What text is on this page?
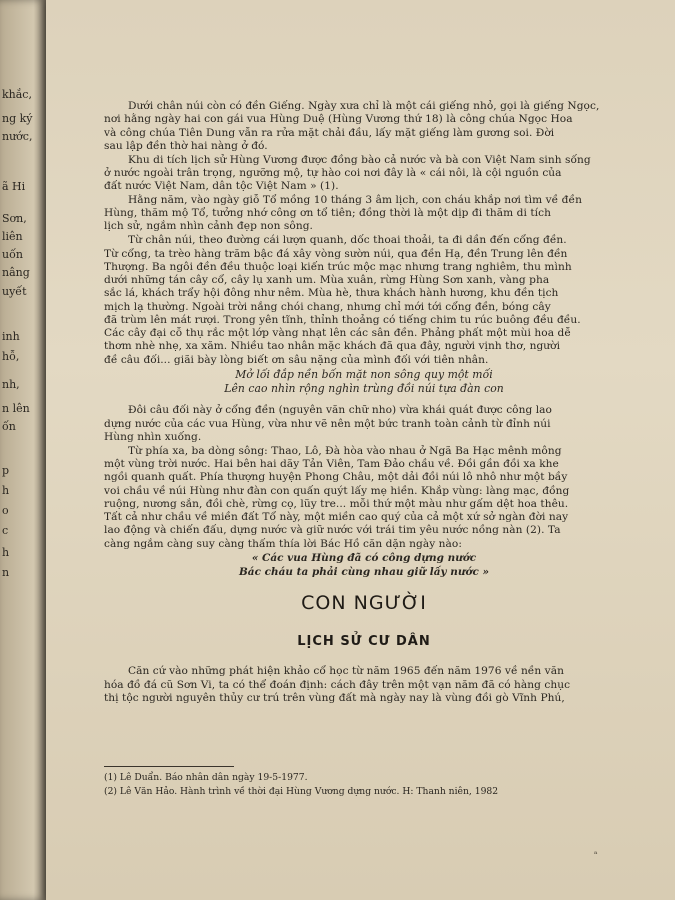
khắc,
ng ký
nước,
ã Hi
Sơn,
liên
uốn
nâng
uyết
inh
hỗ,
nh,
n lên
ốn
p
h
o
c
h
n
Dưới chân núi còn có đền Giếng. Ngày xưa chỉ là một cái giếng nhỏ, gọi là giếng Ngọc,
nơi hằng ngày hai con gái vua Hùng Duệ (Hùng Vương thứ 18) là công chúa Ngọc Hoa
và công chúa Tiên Dung vẫn ra rửa mặt chải đầu, lấy mặt giếng làm gương soi. Đời
sau lập đền thờ hai nàng ở đó.
Khu di tích lịch sử Hùng Vương được đồng bào cả nước và bà con Việt Nam sinh sống
ở nước ngoài trân trọng, ngưỡng mộ, tự hào coi nơi đây là « cái nôi, là cội nguồn của
đất nước Việt Nam, dân tộc Việt Nam » (1).
Hằng năm, vào ngày giỗ Tổ mồng 10 tháng 3 âm lịch, con cháu khắp nơi tìm về đền
Hùng, thăm mộ Tổ, tưởng nhớ công ơn tổ tiên; đồng thời là một dịp đi thăm di tích
lịch sử, ngắm nhìn cảnh đẹp non sông.
Từ chân núi, theo đường cái lượn quanh, dốc thoai thoải, ta đi dần đến cổng đền.
Từ cổng, ta trèo hàng trăm bậc đá xây vòng sườn núi, qua đền Hạ, đền Trung lên đền
Thượng. Ba ngôi đền đều thuộc loại kiến trúc mộc mạc nhưng trang nghiêm, thu mình
dưới những tán cây cổ, cây lụ xanh um. Mùa xuân, rừng Hùng Sơn xanh, vàng pha
sắc lá, khách trẩy hội đông như nêm. Mùa hè, thưa khách hành hương, khu đền tịch
mịch lạ thường. Ngoài trời nắng chói chang, nhưng chỉ mới tới cổng đền, bóng cây
đã trùm lên mát rượi. Trong yên tĩnh, thỉnh thoảng có tiếng chim tu rúc buông đều đều.
Các cây đại cỗ thụ rắc một lớp vàng nhạt lên các sân đền. Phảng phất một mùi hoa dễ
thơm nhè nhẹ, xa xăm. Nhiều tao nhân mặc khách đã qua đây, người vịnh thơ, người
đề câu đối... giãi bày lòng biết ơn sâu nặng của mình đối với tiên nhân.
Mở lối đắp nền bốn mặt non sông quy một mối
Lên cao nhìn rộng nghìn trùng đồi núi tựa đàn con
Đôi câu đối này ở cổng đền (nguyên văn chữ nho) vừa khái quát được công lao
dựng nước của các vua Hùng, vừa như vẽ nên một bức tranh toàn cảnh từ đỉnh núi
Hùng nhìn xuống.
Từ phía xa, ba dòng sông: Thao, Lô, Đà hòa vào nhau ở Ngã Ba Hạc mênh mông
một vùng trời nước. Hai bên hai dãy Tản Viên, Tam Đảo chầu về. Đồi gần đồi xa khe
ngồi quanh quất. Phía thượng huyện Phong Châu, một dải đồi núi lô nhô như một bầy
voi chầu về núi Hùng như đàn con quấn quýt lấy mẹ hiền. Khắp vùng: làng mạc, đồng
ruộng, nương sắn, đồi chè, rừng cọ, lũy tre... mỗi thứ một màu như gấm dệt hoa thêu.
Tất cả như chầu về miền đất Tổ này, một miền cao quý của cả một xứ sở ngàn đời nay
lao động và chiến đấu, dựng nước và giữ nước với trái tim yêu nước nồng nàn (2). Ta
càng ngắm càng suy càng thấm thía lời Bác Hồ căn dặn ngày nào:
« Các vua Hùng đã có công dựng nước
Bác cháu ta phải cùng nhau giữ lấy nước »
CON NGƯỜI
LỊCH SỬ CƯ DÂN
Căn cứ vào những phát hiện khảo cổ học từ năm 1965 đến năm 1976 về nền văn
hóa đồ đá cũ Sơn Vi, ta có thể đoán định: cách đây trên một vạn năm đã có hàng chục
thị tộc người nguyên thủy cư trú trên vùng đất mà ngày nay là vùng đồi gò Vĩnh Phú,
(1) Lê Duẩn. Báo nhân dân ngày 19-5-1977.
(2) Lê Văn Hảo. Hành trình về thời đại Hùng Vương dựng nước. H: Thanh niên, 1982
ᵃ
